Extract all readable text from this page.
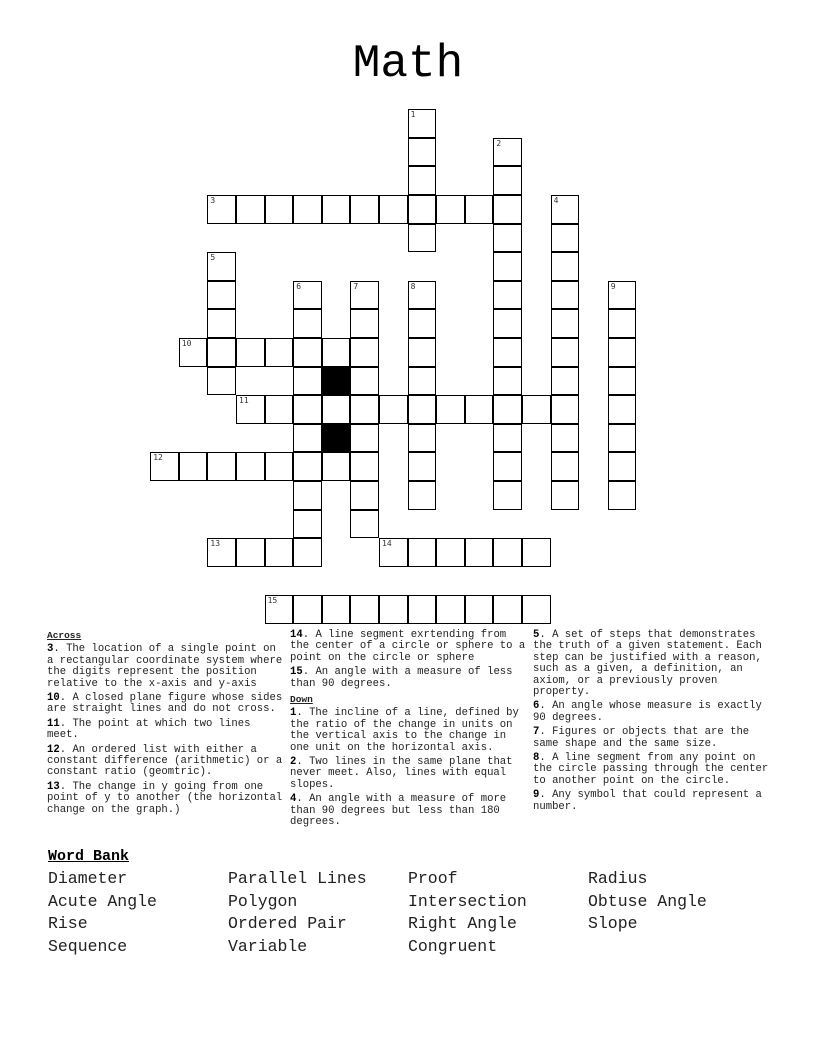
Math
3
10
11
12
13	14
15
1
2
4
5
6	7	8	9
Across
3. The location of a single point on a rectangular coordinate system where the digits represent the position relative to the x-axis and y-axis
10. A closed plane figure whose sides are straight lines and do not cross.
11. The point at which two lines meet.
12. An ordered list with either a constant difference (arithmetic) or a constant ratio (geomtric).
13. The change in y going from one point of y to another (the horizontal change on the graph.)
14. A line segment exrtending from the center of a circle or sphere to a point on the circle or sphere
15. An angle with a measure of less than 90 degrees.
Down
1. The incline of a line, defined by the ratio of the change in units on the vertical axis to the change in one unit on the horizontal axis.
2. Two lines in the same plane that never meet. Also, lines with equal slopes.
4. An angle with a measure of more than 90 degrees but less than 180 degrees.
5. A set of steps that demonstrates the truth of a given statement. Each step can be justified with a reason, such as a given, a definition, an axiom, or a previously proven property.
6. An angle whose measure is exactly 90 degrees.
7. Figures or objects that are the same shape and the same size.
8. A line segment from any point on the circle passing through the center to another point on the circle.
9. Any symbol that could represent a number.
Word Bank
Diameter	Parallel Lines	Proof	Radius
Acute Angle	Polygon	Intersection	Obtuse Angle
Rise	Ordered Pair	Right Angle	Slope
Sequence	Variable	Congruent
